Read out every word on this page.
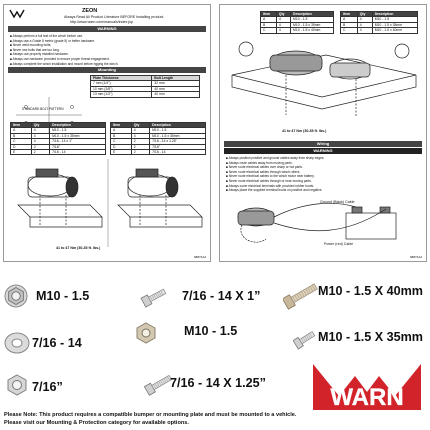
ZEON
Always Read All Product Literature BEFORE Installing product.
http://www.warn.com/manuals/index.jsp
WARNING
■ Always perform a full test of the winch before use.
■ Always use a Grade 8 metric (grade 5) or better hardware.
■ Never weld mounting bolts.
■ Never use bolts that are too long.
■ Always use properly installed hardware.
■ Always use hardware provided to ensure proper thread engagement.
■ Always complete the winch installation and mount before rigging the winch.
Mounting
STANDARD BOLT PATTERN
Plate Thickness	Bolt Length
7 mm (1/4")	32 mm
10 mm (3/8")	40 mm
13 mm (1/2")	40 mm
Item	Qty	Description
A	4	M10 - 1.5
B	4	M10 - 1.5 x 35mm
C	4	7/16 - 14 x 1"
D	2	7/16"
E	2	7/16 - 14
Item	Qty	Description
A	4	M10 - 1.5
B	4	M10 - 1.5 x 35mm
C	2	7/16 - 14 x 1.25"
D	2	7/16"
E	2	7/16 - 14
41 to 47 Nm (30-35 ft. lbs.)
98874A2
Item	Qty	Description
A	4	M10 - 1.5
B	4	M10 - 1.5 x 35mm
C	4	M10 - 1.5 x 40mm
Item	Qty	Description
A	4	M10 - 1.5
B	4	M10 - 1.5 x 35mm
C	4	M10 - 1.5 x 40mm
41 to 47 Nm (30-35 ft. lbs.)
Wiring
WARNING
■ Always position positive and ground cables away from sharp edges.
■ Always route cables away from moving parts.
■ Never route electrical cables over sharp or hot parts.
■ Never route electrical cables through winch rollers.
■ Never route electrical cables to the winch motor near battery.
■ Never route electrical cables through or near moving parts.
■ Always cover electrical terminals with provided rubber boots.
■ Always place the supplied terminal boots on positive and negative.
Ground (Black) Cable
Power (red) Cable
98874A2
M10 - 1.5	7/16 - 14 X 1”	M10 - 1.5 X 40mm
7/16 - 14
M10 - 1.5	M10 - 1.5 X 35mm
7/16”	7/16 - 14 X 1.25”
WARN
Please Note: This product requires a compatible bumper or mounting plate and must be mounted to a vehicle.
Please visit our Mounting & Protection category for available options.
